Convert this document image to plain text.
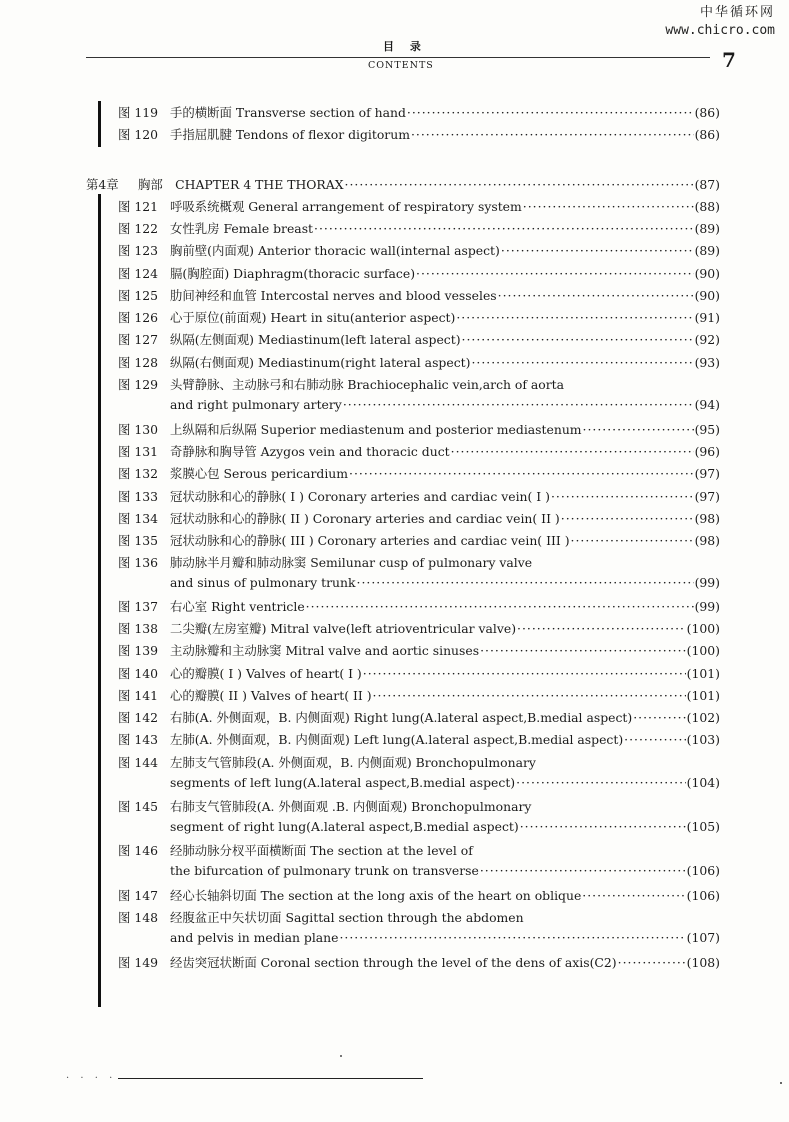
中华循环网
www.chicro.com
目 录
CONTENTS	7
图 119 手的横断面 Transverse section of hand ·····	(86)
图 120 手指屈肌腱 Tendons of flexor digitorum ·····	(86)
第4章	胸部　CHAPTER 4 THE THORAX ·····	(87)
图 121 呼吸系统概观 General arrangement of respiratory system ·····	(88)
图 122 女性乳房 Female breast ·····	(89)
图 123 胸前壁(内面观) Anterior thoracic wall(internal aspect) ·····	(89)
图 124 膈(胸腔面) Diaphragm(thoracic surface) ·····	(90)
图 125 肋间神经和血管 Intercostal nerves and blood vesseles ·····	(90)
图 126 心于原位(前面观) Heart in situ(anterior aspect) ·····	(91)
图 127 纵隔(左侧面观) Mediastinum(left lateral aspect) ·····	(92)
图 128 纵隔(右侧面观) Mediastinum(right lateral aspect) ·····	(93)
图 129 头臂静脉、主动脉弓和右肺动脉 Brachiocephalic vein,arch of aorta
and right pulmonary artery ·····	(94)
图 130 上纵隔和后纵隔 Superior mediastenum and posterior mediastenum ·····	(95)
图 131 奇静脉和胸导管 Azygos vein and thoracic duct ·····	(96)
图 132 浆膜心包 Serous pericardium ·····	(97)
图 133 冠状动脉和心的静脉( I ) Coronary arteries and cardiac vein( I ) ·····	(97)
图 134 冠状动脉和心的静脉( II ) Coronary arteries and cardiac vein( II ) ·····	(98)
图 135 冠状动脉和心的静脉( III ) Coronary arteries and cardiac vein( III ) ·····	(98)
图 136 肺动脉半月瓣和肺动脉窦 Semilunar cusp of pulmonary valve
and sinus of pulmonary trunk ·····	(99)
图 137 右心室 Right ventricle ·····	(99)
图 138 二尖瓣(左房室瓣) Mitral valve(left atrioventricular valve) ·····	(100)
图 139 主动脉瓣和主动脉窦 Mitral valve and aortic sinuses ·····	(100)
图 140 心的瓣膜( I ) Valves of heart( I ) ·····	(101)
图 141 心的瓣膜( II ) Valves of heart( II ) ·····	(101)
图 142 右肺(A. 外侧面观，B. 内侧面观) Right lung(A.lateral aspect,B.medial aspect) ·····	(102)
图 143 左肺(A. 外侧面观，B. 内侧面观) Left lung(A.lateral aspect,B.medial aspect) ·····	(103)
图 144 左肺支气管肺段(A. 外侧面观，B. 内侧面观) Bronchopulmonary
segments of left lung(A.lateral aspect,B.medial aspect) ·····	(104)
图 145 右肺支气管肺段(A. 外侧面观 .B. 内侧面观) Bronchopulmonary
segment of right lung(A.lateral aspect,B.medial aspect) ·····	(105)
图 146 经肺动脉分杈平面横断面 The section at the level of
the bifurcation of pulmonary trunk on transverse ·····	(106)
图 147 经心长轴斜切面 The section at the long axis of the heart on oblique ·····	(106)
图 148 经腹盆正中矢状切面 Sagittal section through the abdomen
and pelvis in median plane ·····	(107)
图 149 经齿突冠状断面 Coronal section through the level of the dens of axis(C2) ·····	(108)
· · · ·
